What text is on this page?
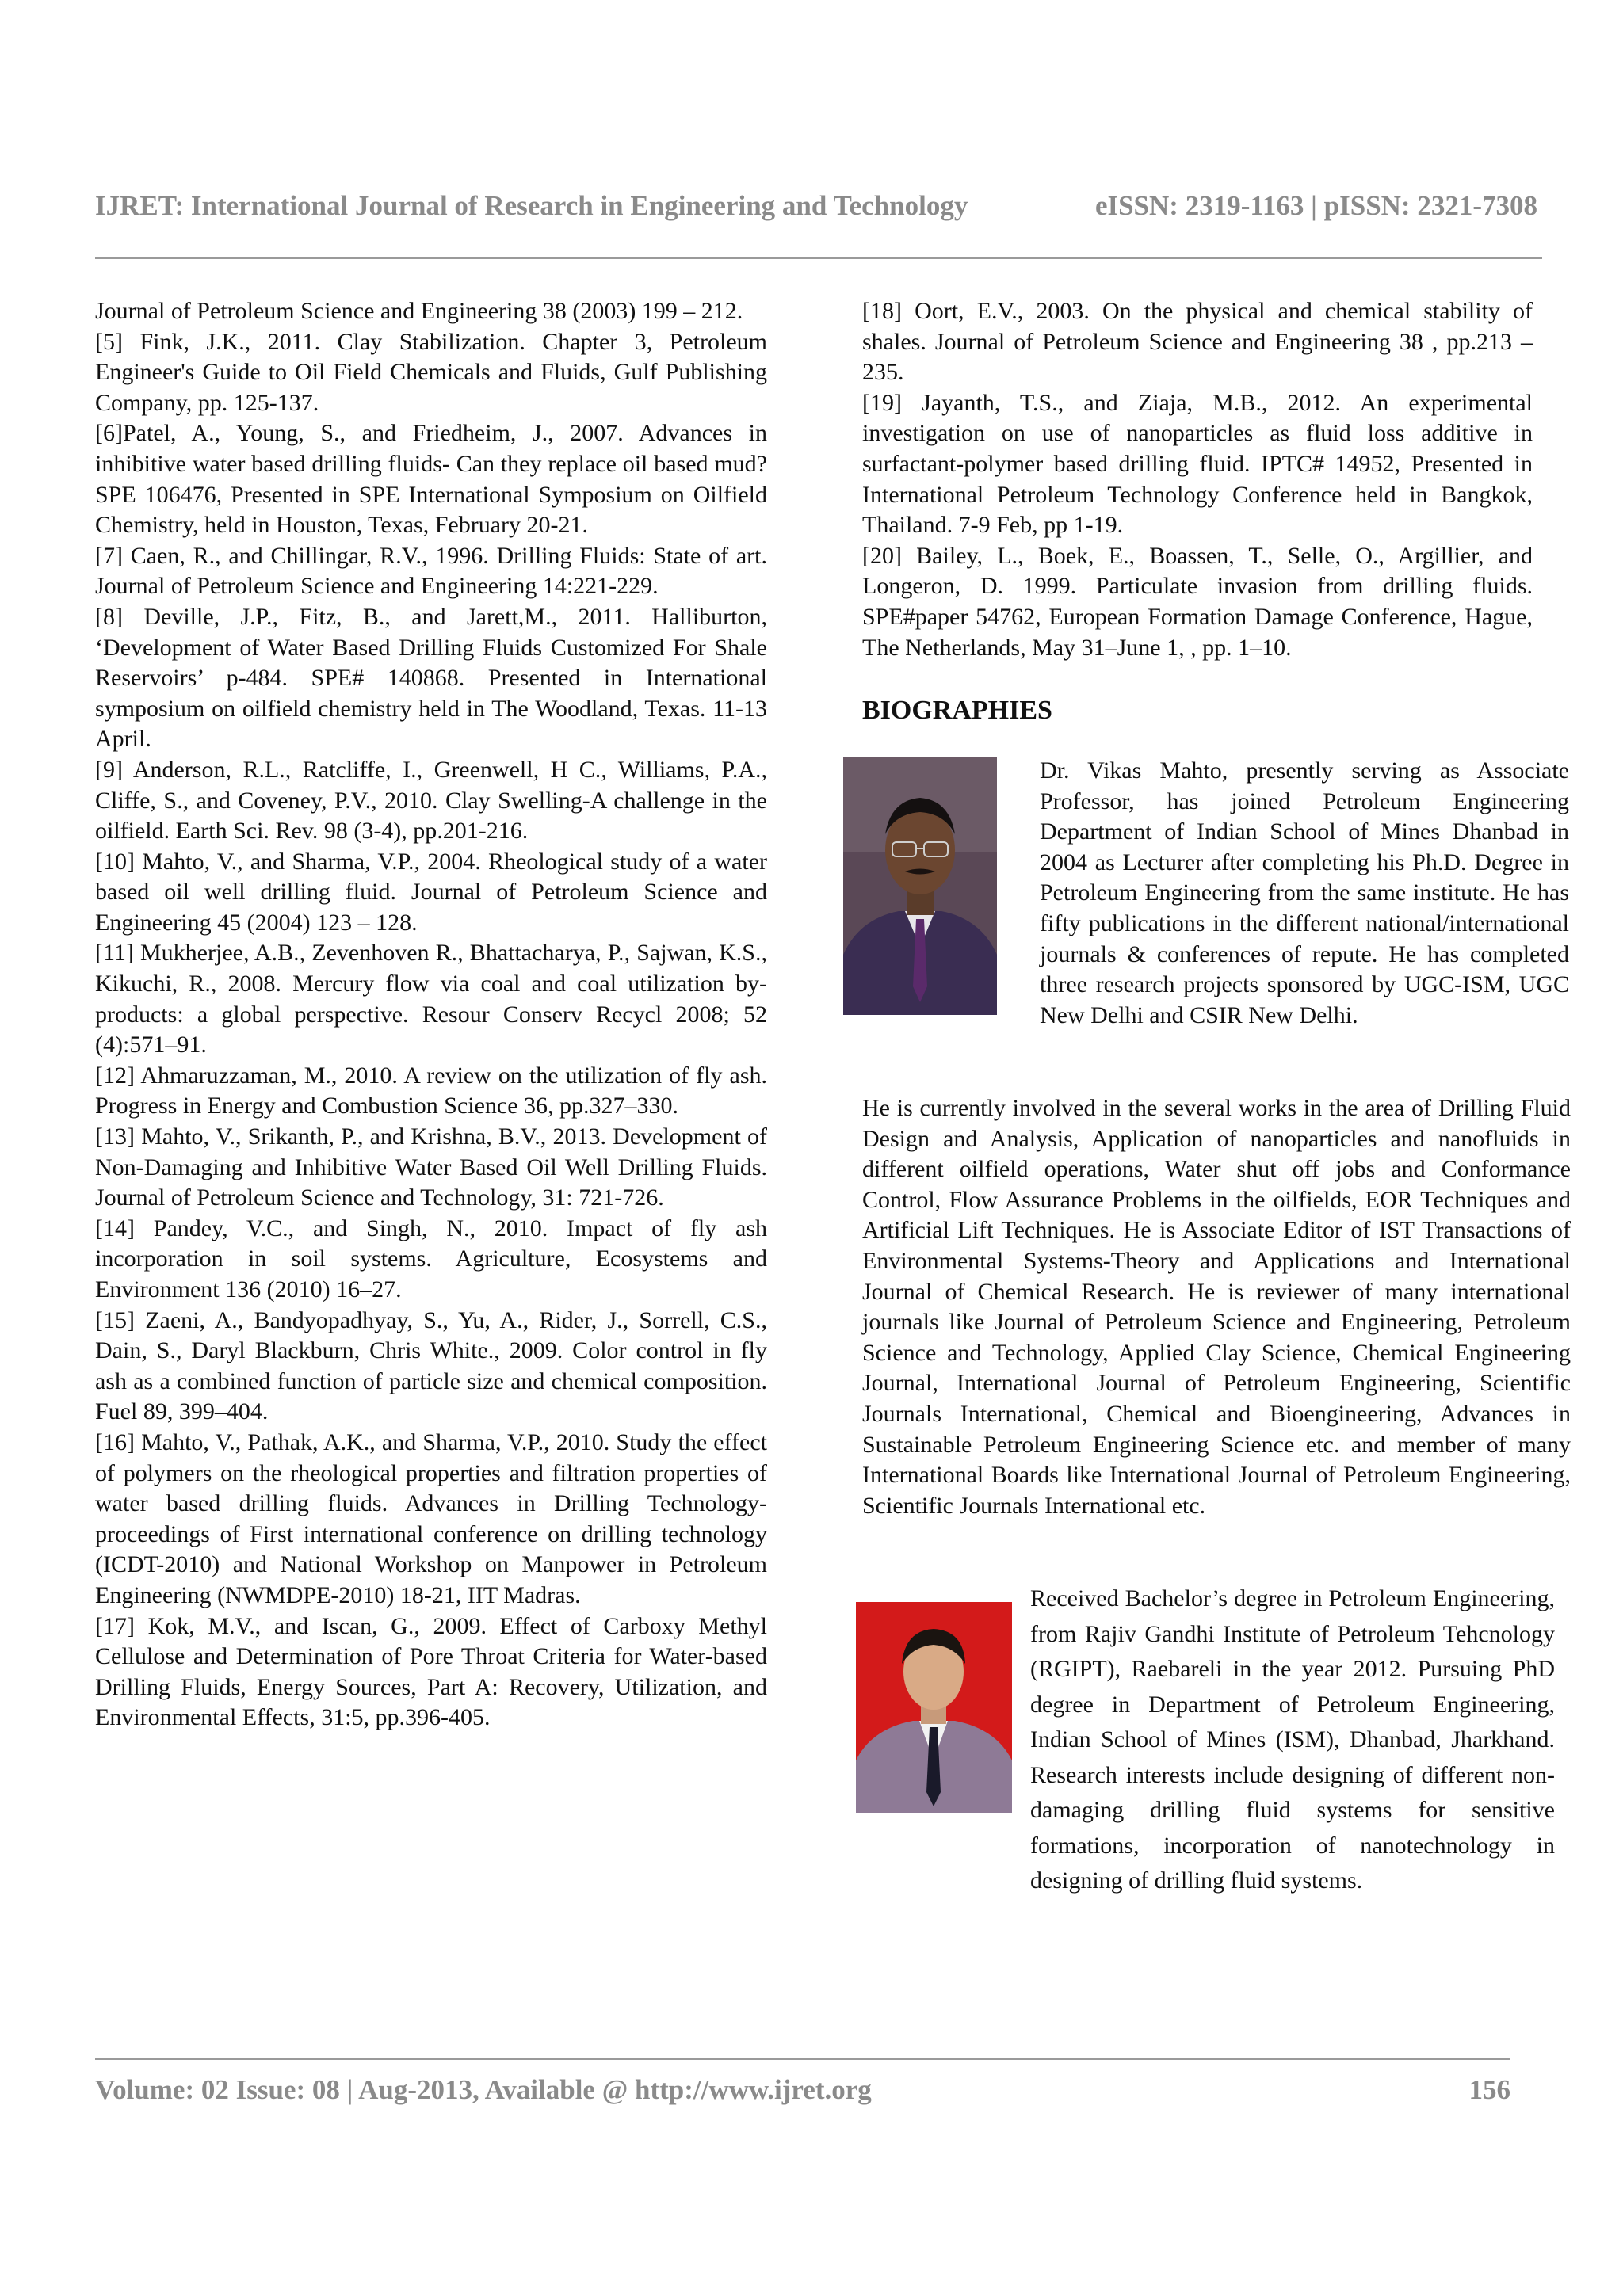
IJRET: International Journal of Research in Engineering and Technology	eISSN: 2319-1163 | pISSN: 2321-7308

Journal of Petroleum Science and Engineering 38 (2003) 199 – 212.

[5] Fink, J.K., 2011. Clay Stabilization. Chapter 3, Petroleum Engineer's Guide to Oil Field Chemicals and Fluids, Gulf Publishing Company, pp. 125-137.

[6]Patel, A., Young, S., and Friedheim, J., 2007. Advances in inhibitive water based drilling fluids- Can they replace oil based mud? SPE 106476, Presented in SPE International Symposium on Oilfield Chemistry, held in Houston, Texas, February 20-21.

[7] Caen, R., and Chillingar, R.V., 1996. Drilling Fluids: State of art. Journal of Petroleum Science and Engineering 14:221-229.

[8] Deville, J.P., Fitz, B., and Jarett,M., 2011. Halliburton, ‘Development of Water Based Drilling Fluids Customized For Shale Reservoirs’ p-484. SPE# 140868. Presented in International symposium on oilfield chemistry held in The Woodland, Texas. 11-13 April.

[9] Anderson, R.L., Ratcliffe, I., Greenwell, H C., Williams, P.A., Cliffe, S., and Coveney, P.V., 2010. Clay Swelling-A challenge in the oilfield. Earth Sci. Rev. 98 (3-4), pp.201-216.

[10] Mahto, V., and Sharma, V.P., 2004. Rheological study of a water based oil well drilling fluid. Journal of Petroleum Science and Engineering 45 (2004) 123 – 128.

[11] Mukherjee, A.B., Zevenhoven R., Bhattacharya, P., Sajwan, K.S., Kikuchi, R., 2008. Mercury flow via coal and coal utilization by-products: a global perspective. Resour Conserv Recycl 2008; 52 (4):571–91.

[12] Ahmaruzzaman, M., 2010. A review on the utilization of fly ash. Progress in Energy and Combustion Science 36, pp.327–330.

[13] Mahto, V., Srikanth, P., and Krishna, B.V., 2013. Development of Non-Damaging and Inhibitive Water Based Oil Well Drilling Fluids. Journal of Petroleum Science and Technology, 31: 721-726.

[14] Pandey, V.C., and Singh, N., 2010. Impact of fly ash incorporation in soil systems. Agriculture, Ecosystems and Environment 136 (2010) 16–27.

[15] Zaeni, A., Bandyopadhyay, S., Yu, A., Rider, J., Sorrell, C.S., Dain, S., Daryl Blackburn, Chris White., 2009. Color control in fly ash as a combined function of particle size and chemical composition. Fuel 89, 399–404.

[16] Mahto, V., Pathak, A.K., and Sharma, V.P., 2010. Study the effect of polymers on the rheological properties and filtration properties of water based drilling fluids. Advances in Drilling Technology-proceedings of First international conference on drilling technology (ICDT-2010) and National Workshop on Manpower in Petroleum Engineering (NWMDPE-2010) 18-21, IIT Madras.

[17] Kok, M.V., and Iscan, G., 2009. Effect of Carboxy Methyl Cellulose and Determination of Pore Throat Criteria for Water-based Drilling Fluids, Energy Sources, Part A: Recovery, Utilization, and Environmental Effects, 31:5, pp.396-405.

[18] Oort, E.V., 2003. On the physical and chemical stability of shales. Journal of Petroleum Science and Engineering 38 , pp.213 – 235.

[19] Jayanth, T.S., and Ziaja, M.B., 2012. An experimental investigation on use of nanoparticles as fluid loss additive in surfactant-polymer based drilling fluid. IPTC# 14952, Presented in International Petroleum Technology Conference held in Bangkok, Thailand. 7-9 Feb, pp 1-19.

[20] Bailey, L., Boek, E., Boassen, T., Selle, O., Argillier, and Longeron, D. 1999. Particulate invasion from drilling fluids. SPE#paper 54762, European Formation Damage Conference, Hague, The Netherlands, May 31–June 1, , pp. 1–10.

BIOGRAPHIES
Dr. Vikas Mahto, presently serving as Associate Professor, has joined Petroleum Engineering Department of Indian School of Mines Dhanbad in 2004 as Lecturer after completing his Ph.D. Degree in Petroleum Engineering from the same institute. He has fifty publications in the different national/international journals & conferences of repute. He has completed three research projects sponsored by UGC-ISM, UGC New Delhi and CSIR New Delhi.
He is currently involved in the several works in the area of Drilling Fluid Design and Analysis, Application of nanoparticles and nanofluids in different oilfield operations, Water shut off jobs and Conformance Control, Flow Assurance Problems in the oilfields, EOR Techniques and Artificial Lift Techniques. He is Associate Editor of IST Transactions of Environmental Systems-Theory and Applications and International Journal of Chemical Research. He is reviewer of many international journals like Journal of Petroleum Science and Engineering, Petroleum Science and Technology, Applied Clay Science, Chemical Engineering Journal, International Journal of Petroleum Engineering, Scientific Journals International, Chemical and Bioengineering, Advances in Sustainable Petroleum Engineering Science etc. and member of many International Boards like International Journal of Petroleum Engineering, Scientific Journals International etc.
Received Bachelor’s degree in Petroleum Engineering, from Rajiv Gandhi Institute of Petroleum Tehcnology (RGIPT), Raebareli in the year 2012. Pursuing PhD degree in Department of Petroleum Engineering, Indian School of Mines (ISM), Dhanbad, Jharkhand. Research interests include designing of different non-damaging drilling fluid systems for sensitive formations, incorporation of nanotechnology in designing of drilling fluid systems.
Volume: 02 Issue: 08 | Aug-2013, Available @ http://www.ijret.org	156
